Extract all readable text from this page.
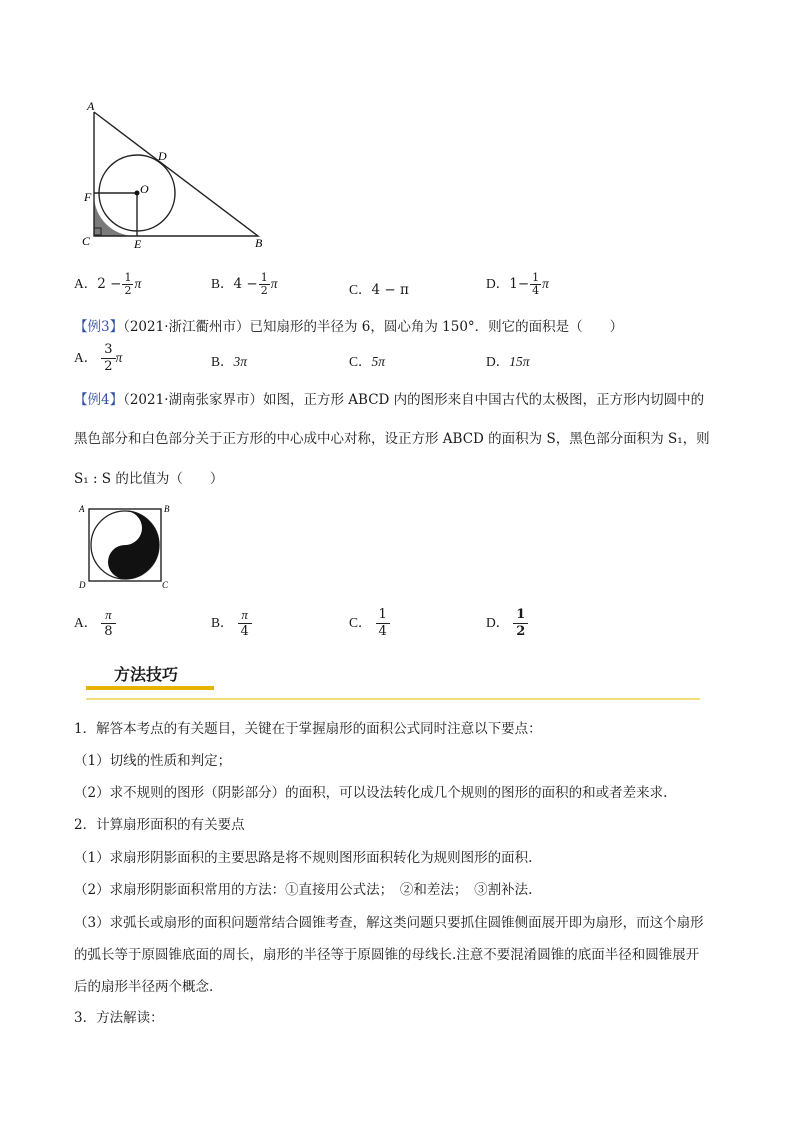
A
D
F
O
C	E	B
A．$2 - \frac{1}{2}$ π	B．$4 - \frac{1}{2}$ π	C．4 − π	D．$1- \frac{1}{4}$ π
【例3】（2021·浙江衢州市）已知扇形的半径为 6，圆心角为 150°．则它的面积是（　　）
A． $\frac{3}{2}$ π	B．3π	C．5π	D．15π
【例4】（2021·湖南张家界市）如图，正方形 ABCD 内的图形来自中国古代的太极图，正方形内切圆中的
黑色部分和白色部分关于正方形的中心成中心对称，设正方形 ABCD 的面积为 S，黑色部分面积为 S₁，则
S₁ : S 的比值为（　　）
A	B
D	C
A． $\frac{\pi}{8}$	B． $\frac{\pi}{4}$	C． $\frac{1}{4}$	D． $\frac{1}{2}$
方法技巧
1．解答本考点的有关题目，关键在于掌握扇形的面积公式同时注意以下要点：
（1）切线的性质和判定；
（2）求不规则的图形（阴影部分）的面积，可以设法转化成几个规则的图形的面积的和或者差来求.
2．计算扇形面积的有关要点
（1）求扇形阴影面积的主要思路是将不规则图形面积转化为规则图形的面积.
（2）求扇形阴影面积常用的方法：①直接用公式法；　②和差法；　③割补法.
（3）求弧长或扇形的面积问题常结合圆锥考查，解这类问题只要抓住圆锥侧面展开即为扇形，而这个扇形
的弧长等于原圆锥底面的周长，扇形的半径等于原圆锥的母线长.注意不要混淆圆锥的底面半径和圆锥展开
后的扇形半径两个概念.
3．方法解读：
